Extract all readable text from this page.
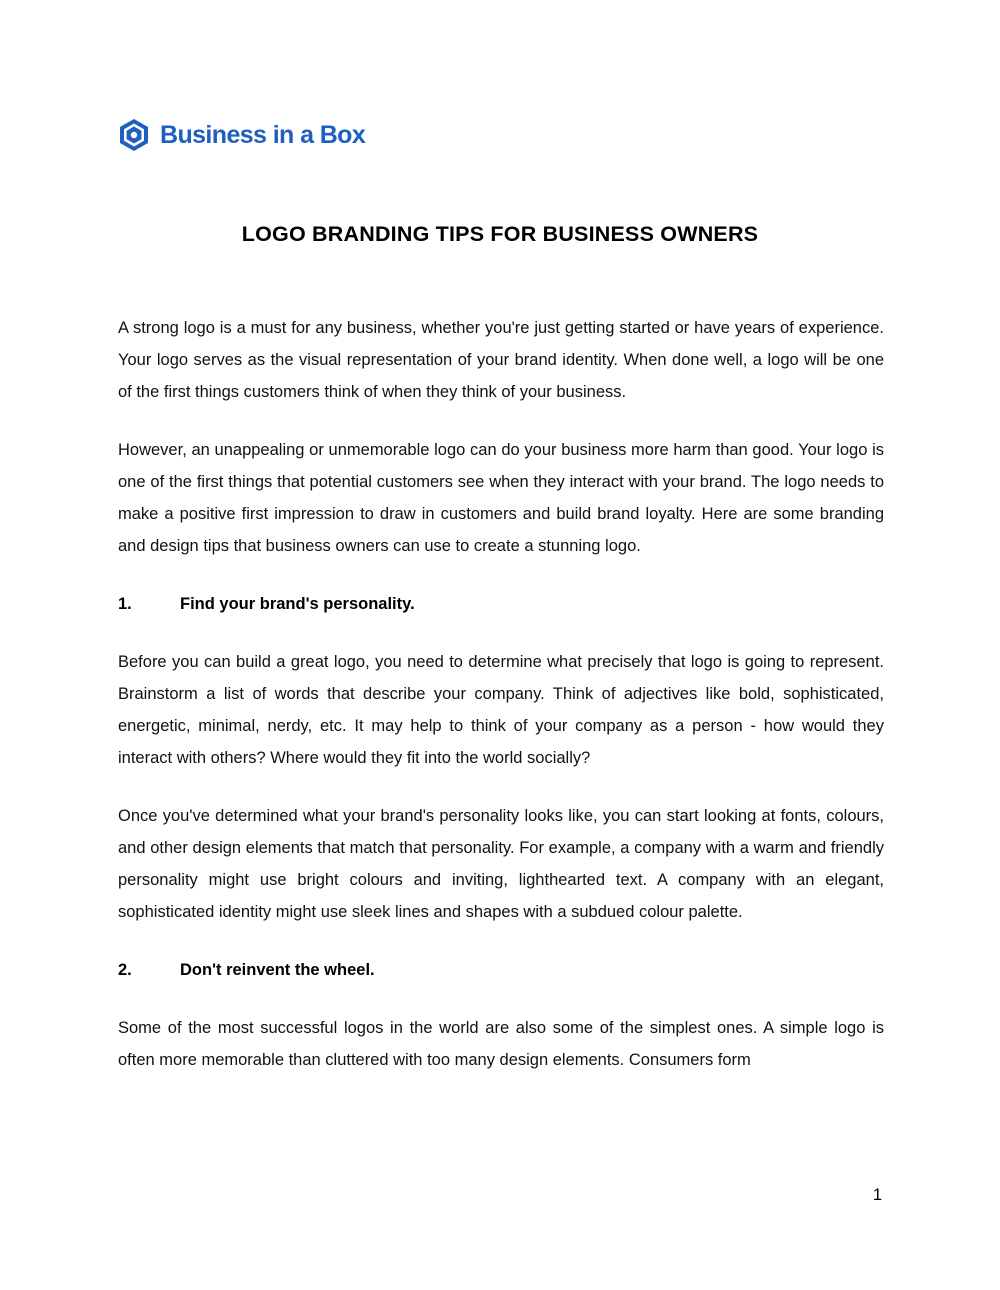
Business in a Box
LOGO BRANDING TIPS FOR BUSINESS OWNERS

A strong logo is a must for any business, whether you're just getting started or have years of experience. Your logo serves as the visual representation of your brand identity. When done well, a logo will be one of the first things customers think of when they think of your business.

However, an unappealing or unmemorable logo can do your business more harm than good. Your logo is one of the first things that potential customers see when they interact with your brand. The logo needs to make a positive first impression to draw in customers and build brand loyalty. Here are some branding and design tips that business owners can use to create a stunning logo.

1.	Find your brand's personality.

Before you can build a great logo, you need to determine what precisely that logo is going to represent. Brainstorm a list of words that describe your company. Think of adjectives like bold, sophisticated, energetic, minimal, nerdy, etc. It may help to think of your company as a person - how would they interact with others? Where would they fit into the world socially?

Once you've determined what your brand's personality looks like, you can start looking at fonts, colours, and other design elements that match that personality. For example, a company with a warm and friendly personality might use bright colours and inviting, lighthearted text. A company with an elegant, sophisticated identity might use sleek lines and shapes with a subdued colour palette.

2.	Don't reinvent the wheel.

Some of the most successful logos in the world are also some of the simplest ones. A simple logo is often more memorable than cluttered with too many design elements. Consumers form

1
